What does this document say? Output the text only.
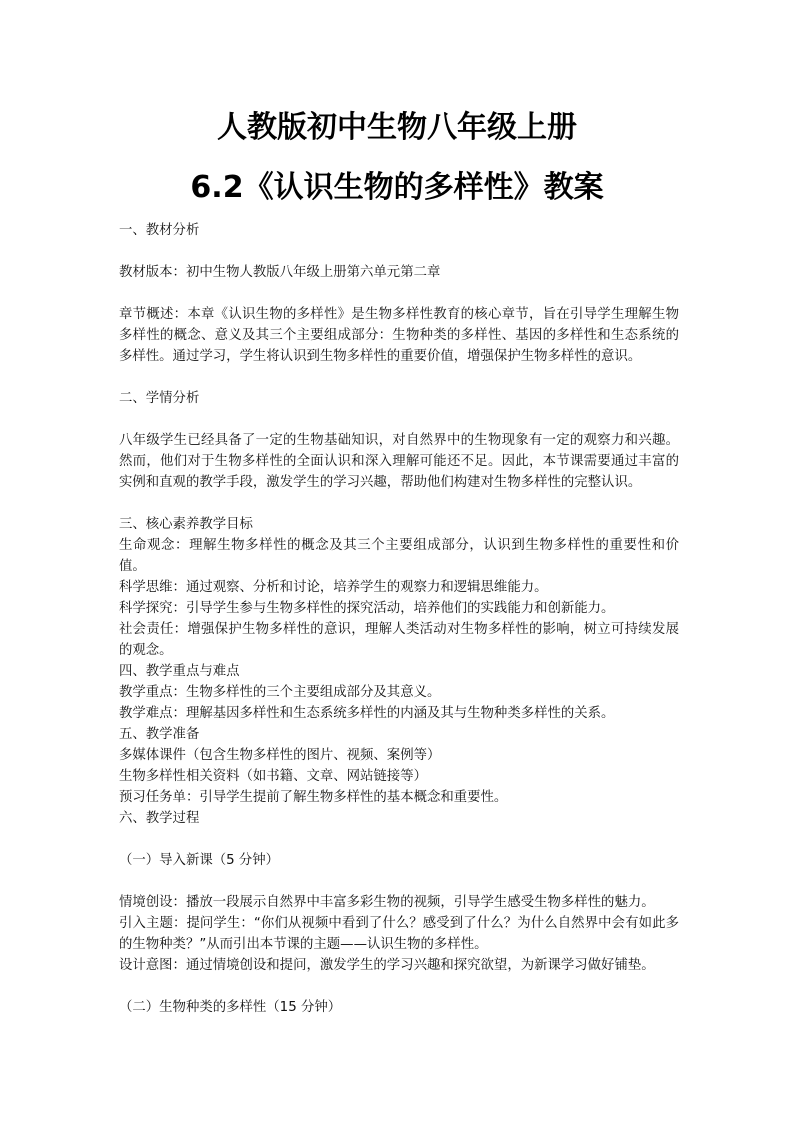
人教版初中生物八年级上册
6.2《认识生物的多样性》教案

一、教材分析

教材版本：初中生物人教版八年级上册第六单元第二章

章节概述：本章《认识生物的多样性》是生物多样性教育的核心章节，旨在引导学生理解生物多样性的概念、意义及其三个主要组成部分：生物种类的多样性、基因的多样性和生态系统的多样性。通过学习，学生将认识到生物多样性的重要价值，增强保护生物多样性的意识。

二、学情分析

八年级学生已经具备了一定的生物基础知识，对自然界中的生物现象有一定的观察力和兴趣。然而，他们对于生物多样性的全面认识和深入理解可能还不足。因此，本节课需要通过丰富的实例和直观的教学手段，激发学生的学习兴趣，帮助他们构建对生物多样性的完整认识。

三、核心素养教学目标

生命观念：理解生物多样性的概念及其三个主要组成部分，认识到生物多样性的重要性和价值。

科学思维：通过观察、分析和讨论，培养学生的观察力和逻辑思维能力。

科学探究：引导学生参与生物多样性的探究活动，培养他们的实践能力和创新能力。

社会责任：增强保护生物多样性的意识，理解人类活动对生物多样性的影响，树立可持续发展的观念。

四、教学重点与难点

教学重点：生物多样性的三个主要组成部分及其意义。

教学难点：理解基因多样性和生态系统多样性的内涵及其与生物种类多样性的关系。

五、教学准备

多媒体课件（包含生物多样性的图片、视频、案例等）

生物多样性相关资料（如书籍、文章、网站链接等）

预习任务单：引导学生提前了解生物多样性的基本概念和重要性。

六、教学过程

（一）导入新课（5 分钟）

情境创设：播放一段展示自然界中丰富多彩生物的视频，引导学生感受生物多样性的魅力。

引入主题：提问学生：“你们从视频中看到了什么？感受到了什么？为什么自然界中会有如此多的生物种类？”从而引出本节课的主题——认识生物的多样性。

设计意图：通过情境创设和提问，激发学生的学习兴趣和探究欲望，为新课学习做好铺垫。

（二）生物种类的多样性（15 分钟）
